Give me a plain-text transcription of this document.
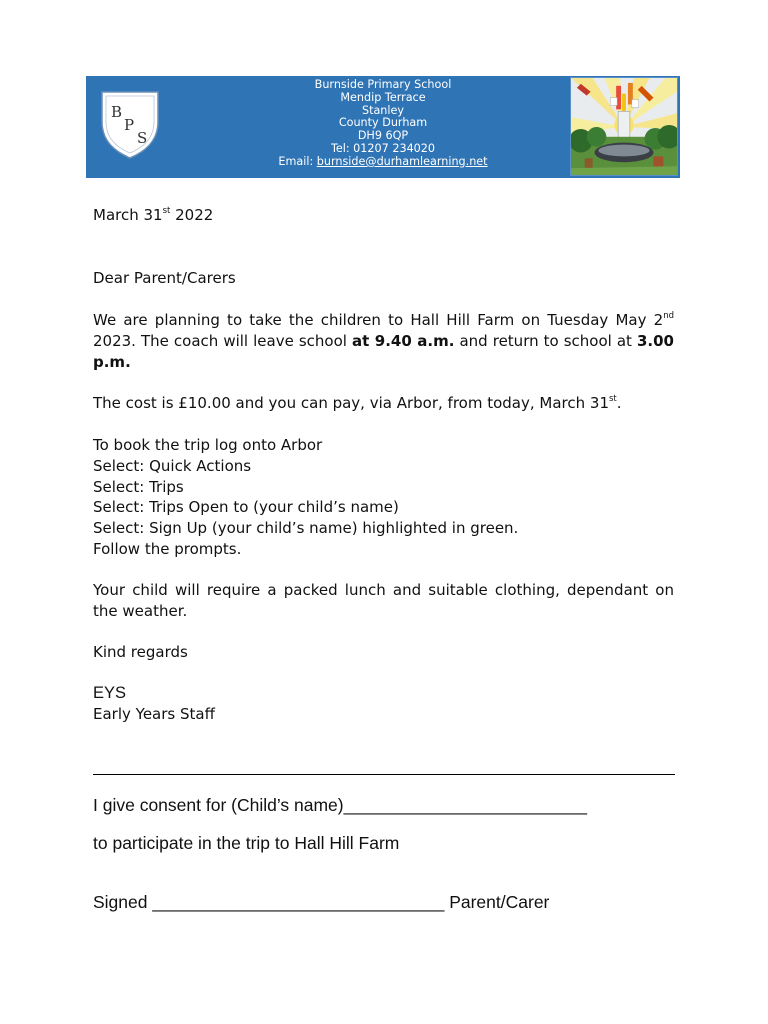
B
P
S
Burnside Primary School
Mendip Terrace
Stanley
County Durham
DH9 6QP
Tel: 01207 234020
Email: burnside@durhamlearning.net
March 31st 2022
Dear Parent/Carers

We are planning to take the children to Hall Hill Farm on Tuesday May 2nd 2023. The coach will leave school at 9.40 a.m. and return to school at 3.00 p.m.

The cost is £10.00 and you can pay, via Arbor, from today, March 31st.

To book the trip log onto Arbor
Select: Quick Actions
Select: Trips
Select: Trips Open to (your child’s name)
Select: Sign Up (your child’s name) highlighted in green.
Follow the prompts.

Your child will require a packed lunch and suitable clothing, dependant on the weather.

Kind regards
EYS
Early Years Staff
I give consent for (Child’s name)_________________________
to participate in the trip to Hall Hill Farm
Signed ______________________________ Parent/Carer
